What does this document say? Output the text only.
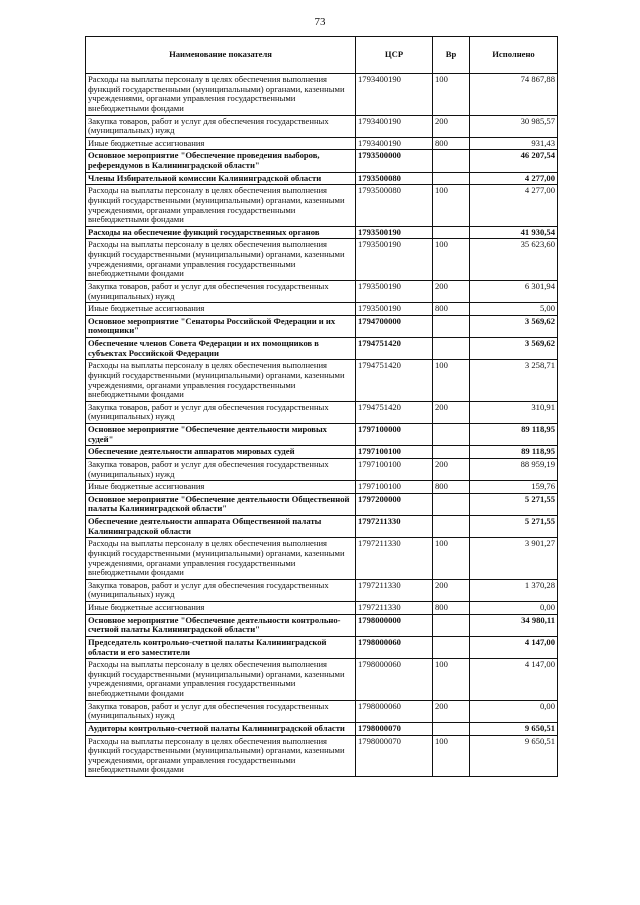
73
Наименование показателя	ЦСР	Вр	Исполнено
Расходы на выплаты персоналу в целях обеспечения выполнения функций государственными (муниципальными) органами, казенными учреждениями, органами управления государственными внебюджетными фондами	1793400190	100	74 867,88
Закупка товаров, работ и услуг для обеспечения государственных (муниципальных) нужд	1793400190	200	30 985,57
Иные бюджетные ассигнования	1793400190	800	931,43
Основное мероприятие "Обеспечение проведения выборов, референдумов в Калининградской области"	1793500000		46 207,54
Члены Избирательной комиссии Калининградской области	1793500080		4 277,00
Расходы на выплаты персоналу в целях обеспечения выполнения функций государственными (муниципальными) органами, казенными учреждениями, органами управления государственными внебюджетными фондами	1793500080	100	4 277,00
Расходы на обеспечение функций государственных органов	1793500190		41 930,54
Расходы на выплаты персоналу в целях обеспечения выполнения функций государственными (муниципальными) органами, казенными учреждениями, органами управления государственными внебюджетными фондами	1793500190	100	35 623,60
Закупка товаров, работ и услуг для обеспечения государственных (муниципальных) нужд	1793500190	200	6 301,94
Иные бюджетные ассигнования	1793500190	800	5,00
Основное мероприятие "Сенаторы Российской Федерации и их помощники"	1794700000		3 569,62
Обеспечение членов Совета Федерации и их помощников в субъектах Российской Федерации	1794751420		3 569,62
Расходы на выплаты персоналу в целях обеспечения выполнения функций государственными (муниципальными) органами, казенными учреждениями, органами управления государственными внебюджетными фондами	1794751420	100	3 258,71
Закупка товаров, работ и услуг для обеспечения государственных (муниципальных) нужд	1794751420	200	310,91
Основное мероприятие "Обеспечение деятельности мировых судей"	1797100000		89 118,95
Обеспечение деятельности аппаратов мировых судей	1797100100		89 118,95
Закупка товаров, работ и услуг для обеспечения государственных (муниципальных) нужд	1797100100	200	88 959,19
Иные бюджетные ассигнования	1797100100	800	159,76
Основное мероприятие "Обеспечение деятельности Общественной палаты Калининградской области"	1797200000		5 271,55
Обеспечение деятельности аппарата Общественной палаты Калининградской области	1797211330		5 271,55
Расходы на выплаты персоналу в целях обеспечения выполнения функций государственными (муниципальными) органами, казенными учреждениями, органами управления государственными внебюджетными фондами	1797211330	100	3 901,27
Закупка товаров, работ и услуг для обеспечения государственных (муниципальных) нужд	1797211330	200	1 370,28
Иные бюджетные ассигнования	1797211330	800	0,00
Основное мероприятие "Обеспечение деятельности контрольно-счетной палаты Калининградской области"	1798000000		34 980,11
Председатель контрольно-счетной палаты Калининградской области и его заместители	1798000060		4 147,00
Расходы на выплаты персоналу в целях обеспечения выполнения функций государственными (муниципальными) органами, казенными учреждениями, органами управления государственными внебюджетными фондами	1798000060	100	4 147,00
Закупка товаров, работ и услуг для обеспечения государственных (муниципальных) нужд	1798000060	200	0,00
Аудиторы контрольно-счетной палаты Калининградской области	1798000070		9 650,51
Расходы на выплаты персоналу в целях обеспечения выполнения функций государственными (муниципальными) органами, казенными учреждениями, органами управления государственными внебюджетными фондами	1798000070	100	9 650,51
